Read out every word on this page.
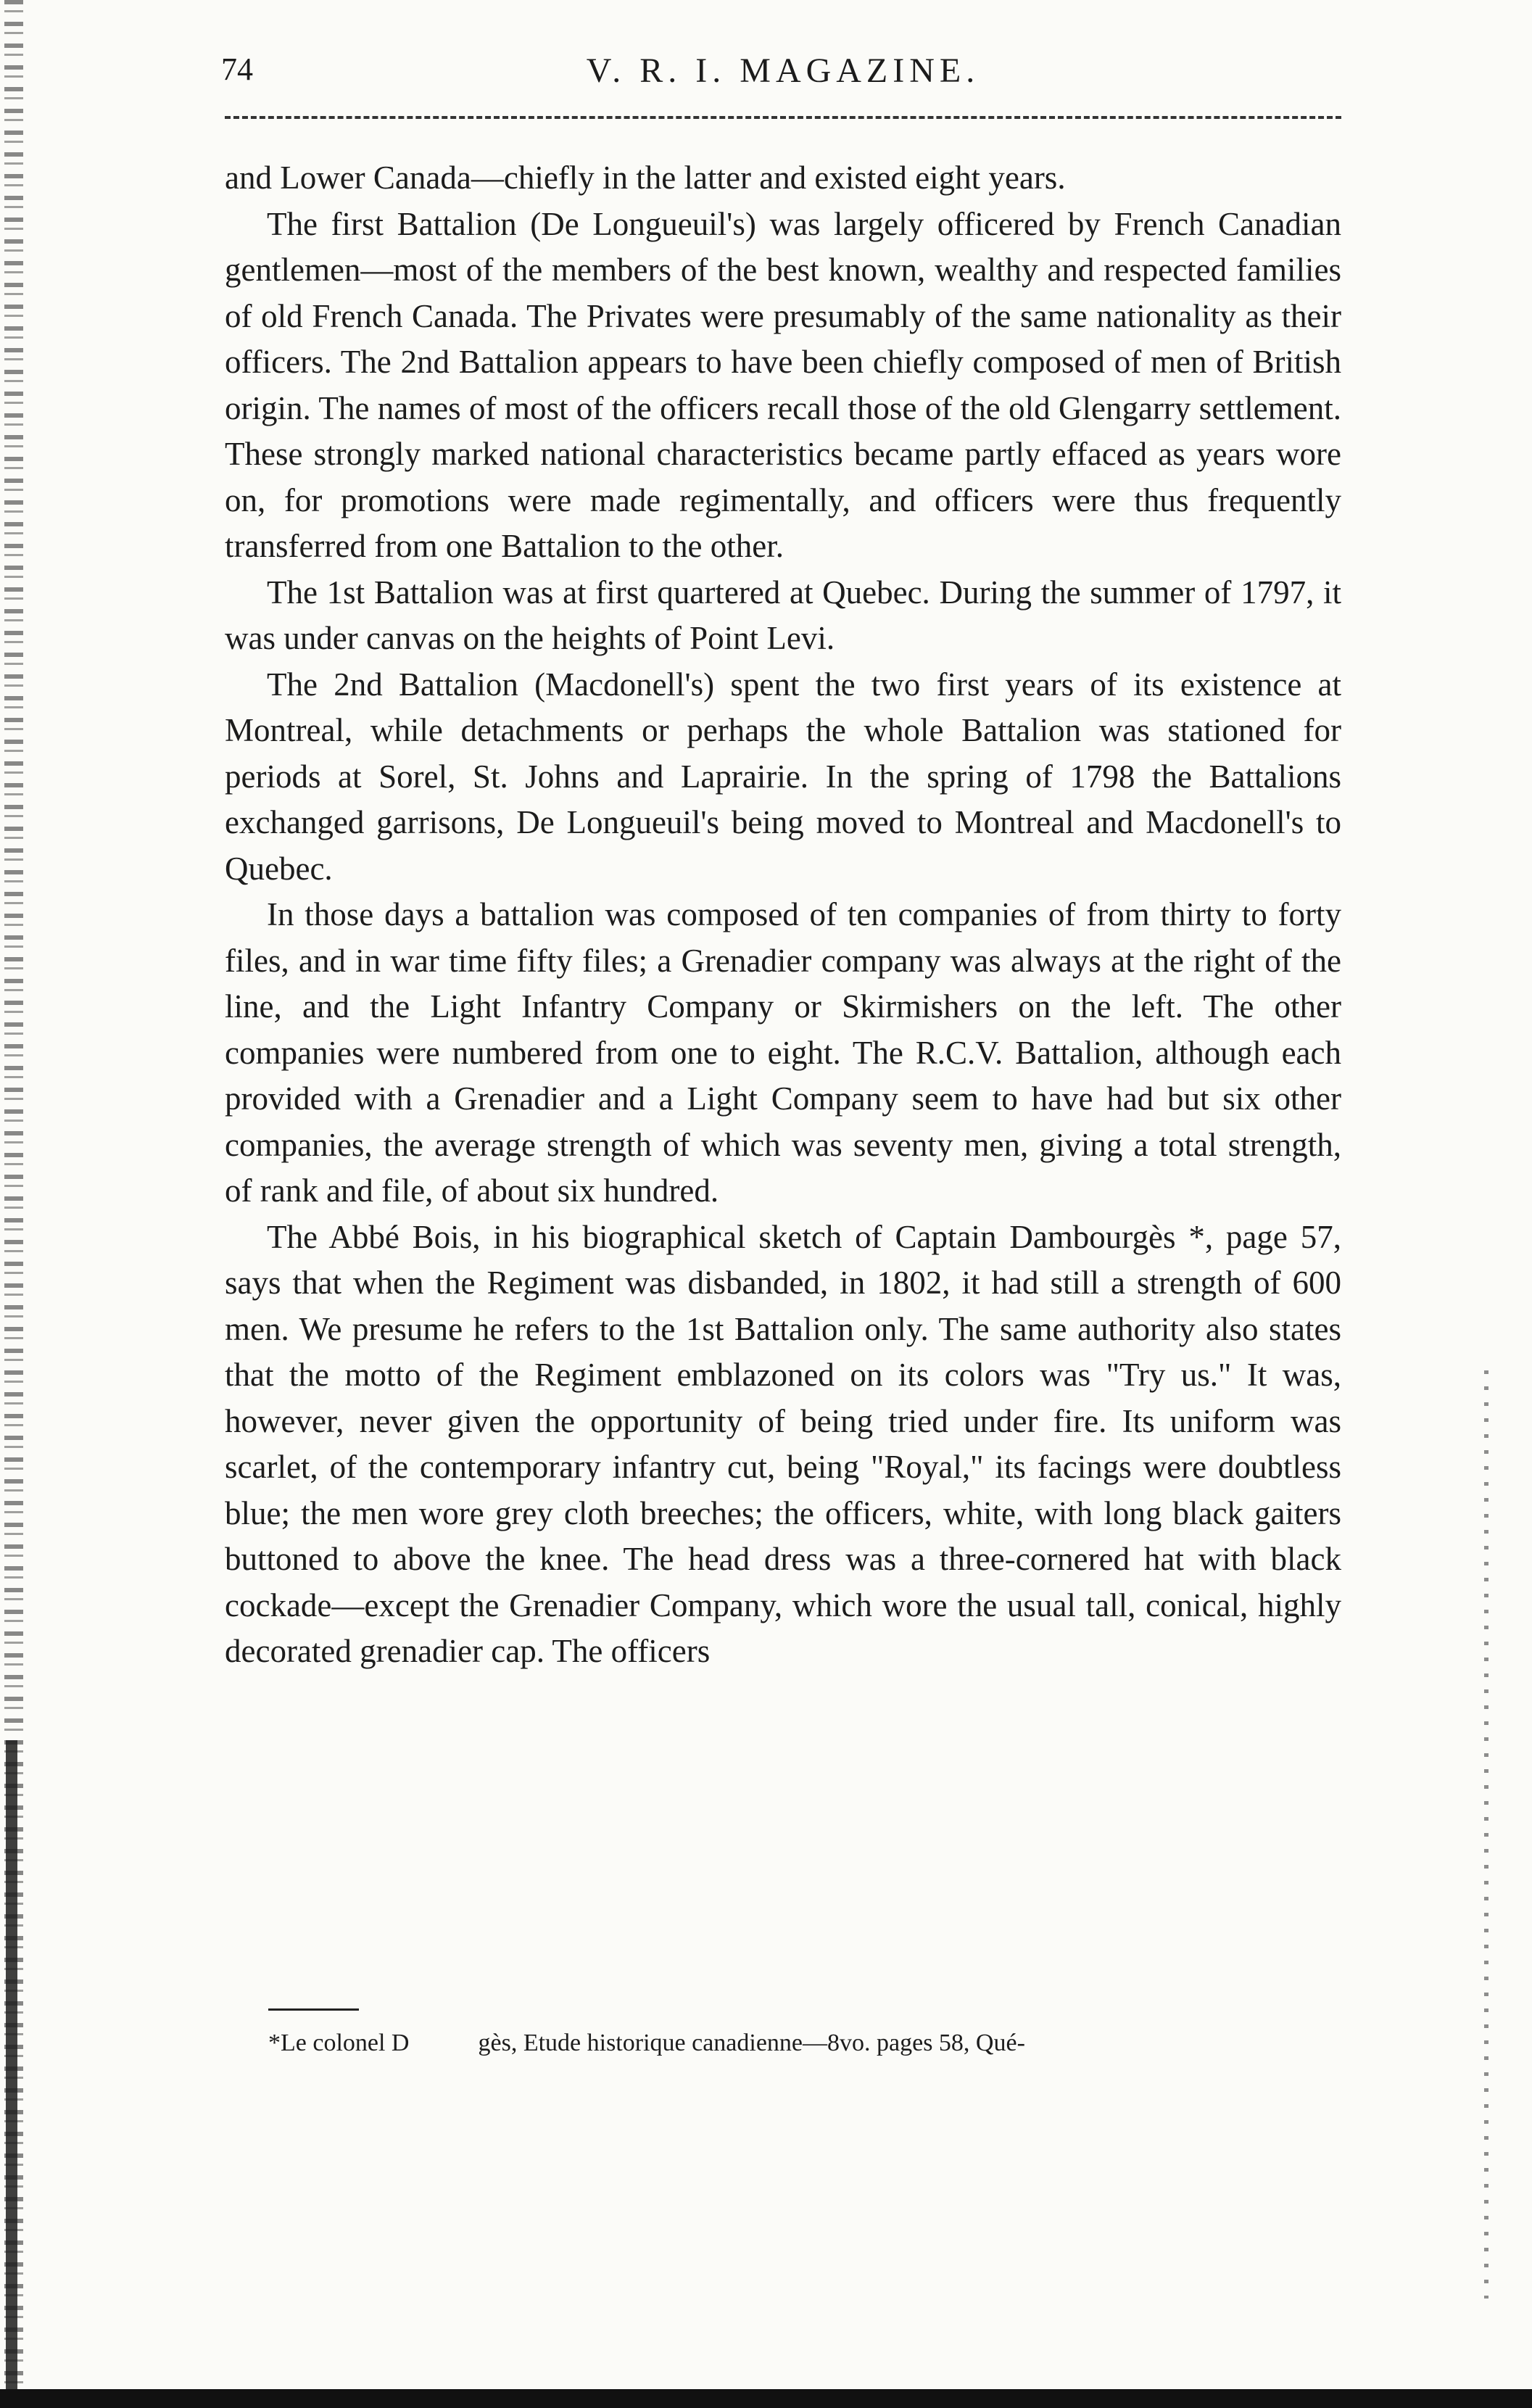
74	V. R. I. MAGAZINE.

and Lower Canada—chiefly in the latter and existed eight years.

The first Battalion (De Longueuil's) was largely officered by French Canadian gentlemen—most of the members of the best known, wealthy and respected families of old French Canada. The Privates were presumably of the same nationality as their officers. The 2nd Battalion appears to have been chiefly composed of men of British origin. The names of most of the officers recall those of the old Glengarry settlement. These strongly marked national characteristics became partly effaced as years wore on, for promotions were made regimentally, and officers were thus frequently transferred from one Battalion to the other.

The 1st Battalion was at first quartered at Quebec. During the summer of 1797, it was under canvas on the heights of Point Levi.

The 2nd Battalion (Macdonell's) spent the two first years of its existence at Montreal, while detachments or perhaps the whole Battalion was stationed for periods at Sorel, St. Johns and Laprairie. In the spring of 1798 the Battalions exchanged garrisons, De Longueuil's being moved to Montreal and Macdonell's to Quebec.

In those days a battalion was composed of ten companies of from thirty to forty files, and in war time fifty files; a Grenadier company was always at the right of the line, and the Light Infantry Company or Skirmishers on the left. The other companies were numbered from one to eight. The R.C.V. Battalion, although each provided with a Grenadier and a Light Company seem to have had but six other companies, the average strength of which was seventy men, giving a total strength, of rank and file, of about six hundred.

The Abbé Bois, in his biographical sketch of Captain Dambourgès *, page 57, says that when the Regiment was disbanded, in 1802, it had still a strength of 600 men. We presume he refers to the 1st Battalion only. The same authority also states that the motto of the Regiment emblazoned on its colors was "Try us." It was, however, never given the opportunity of being tried under fire. Its uniform was scarlet, of the contemporary infantry cut, being "Royal," its facings were doubtless blue; the men wore grey cloth breeches; the officers, white, with long black gaiters buttoned to above the knee. The head dress was a three-cornered hat with black cockade—except the Grenadier Company, which wore the usual tall, conical, highly decorated grenadier cap. The officers

*Le colonel D	gès, Etude historique canadienne—8vo. pages 58, Qué-
